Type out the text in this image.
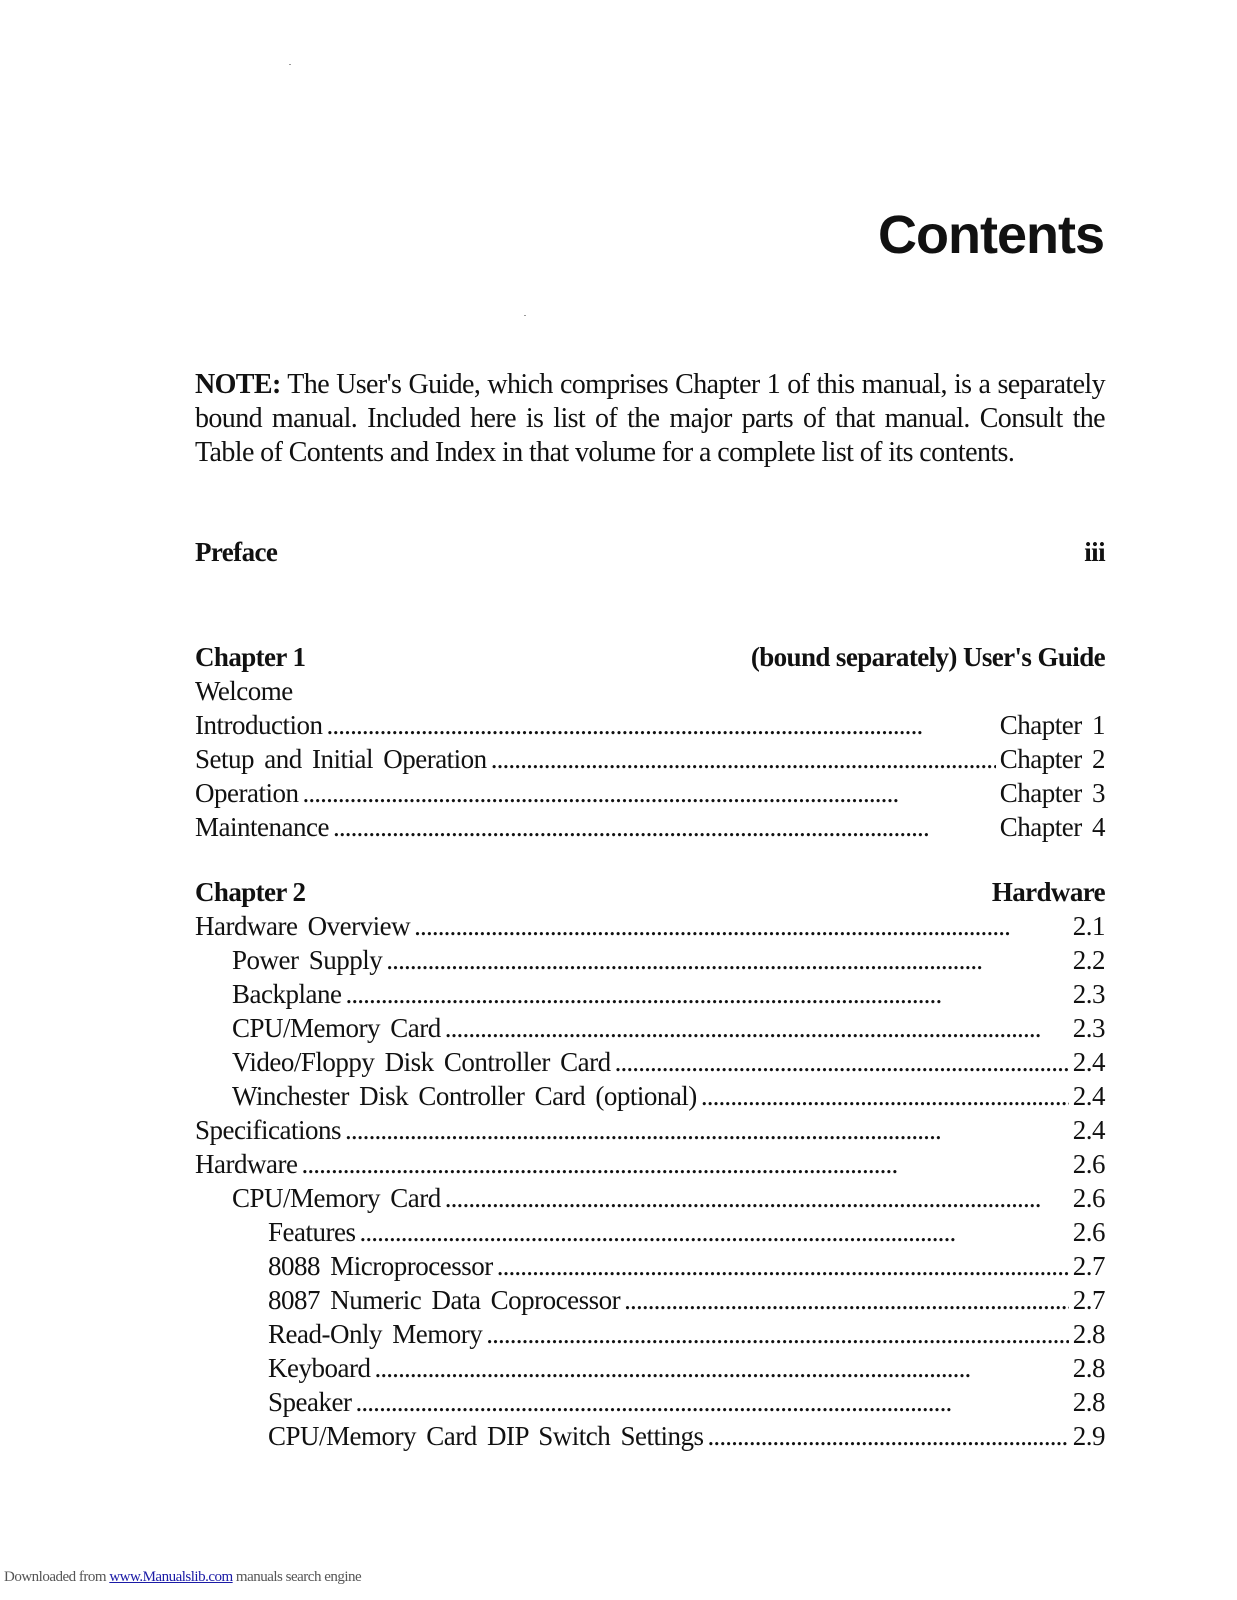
Contents

NOTE: The User's Guide, which comprises Chapter 1 of this manual, is a separately bound manual. Included here is list of the major parts of that manual. Consult the Table of Contents and Index in that volume for a complete list of its contents.

Preface	iii
Chapter 1	(bound separately) User's Guide
Welcome
Introduction . . .	Chapter 1
Setup and Initial Operation . . .	Chapter 2
Operation . . .	Chapter 3
Maintenance . . .	Chapter 4
Chapter 2	Hardware
Hardware Overview . . .	2.1
Power Supply . . .	2.2
Backplane . . .	2.3
CPU/Memory Card . . .	2.3
Video/Floppy Disk Controller Card . . .	2.4
Winchester Disk Controller Card (optional) . . .	2.4
Specifications . . .	2.4
Hardware . . .	2.6
CPU/Memory Card . . .	2.6
Features . . .	2.6
8088 Microprocessor . . .	2.7
8087 Numeric Data Coprocessor . . .	2.7
Read-Only Memory . . .	2.8
Keyboard . . .	2.8
Speaker . . .	2.8
CPU/Memory Card DIP Switch Settings . . .	2.9
Downloaded from www.Manualslib.com manuals search engine
